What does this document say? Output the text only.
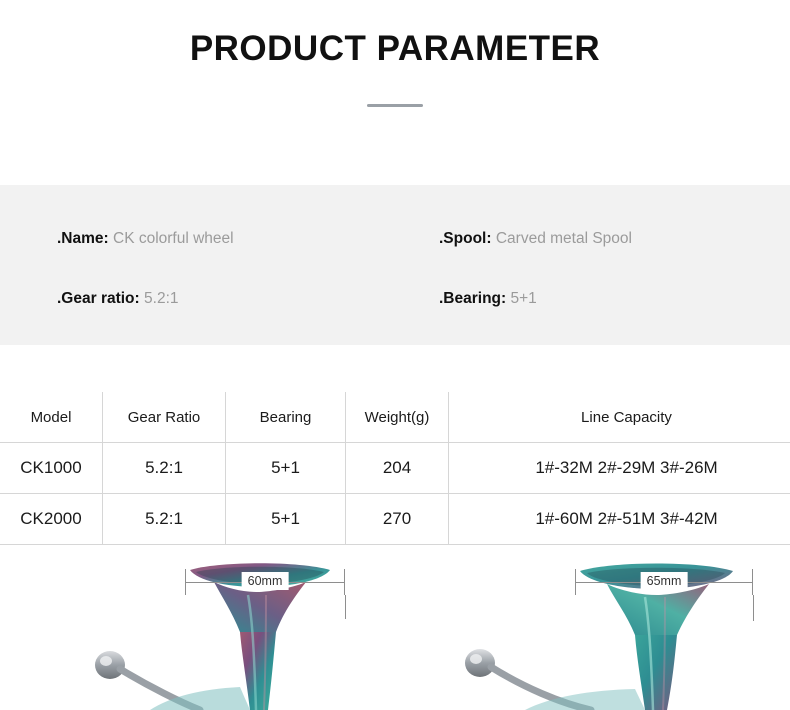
PRODUCT PARAMETER
.Name: CK colorful wheel	.Spool: Carved metal Spool
.Gear ratio: 5.2:1	.Bearing: 5+1
Model	Gear Ratio	Bearing	Weight(g)	Line Capacity
CK1000	5.2:1	5+1	204	1#-32M 2#-29M 3#-26M
CK2000	5.2:1	5+1	270	1#-60M 2#-51M 3#-42M
60mm	65mm
